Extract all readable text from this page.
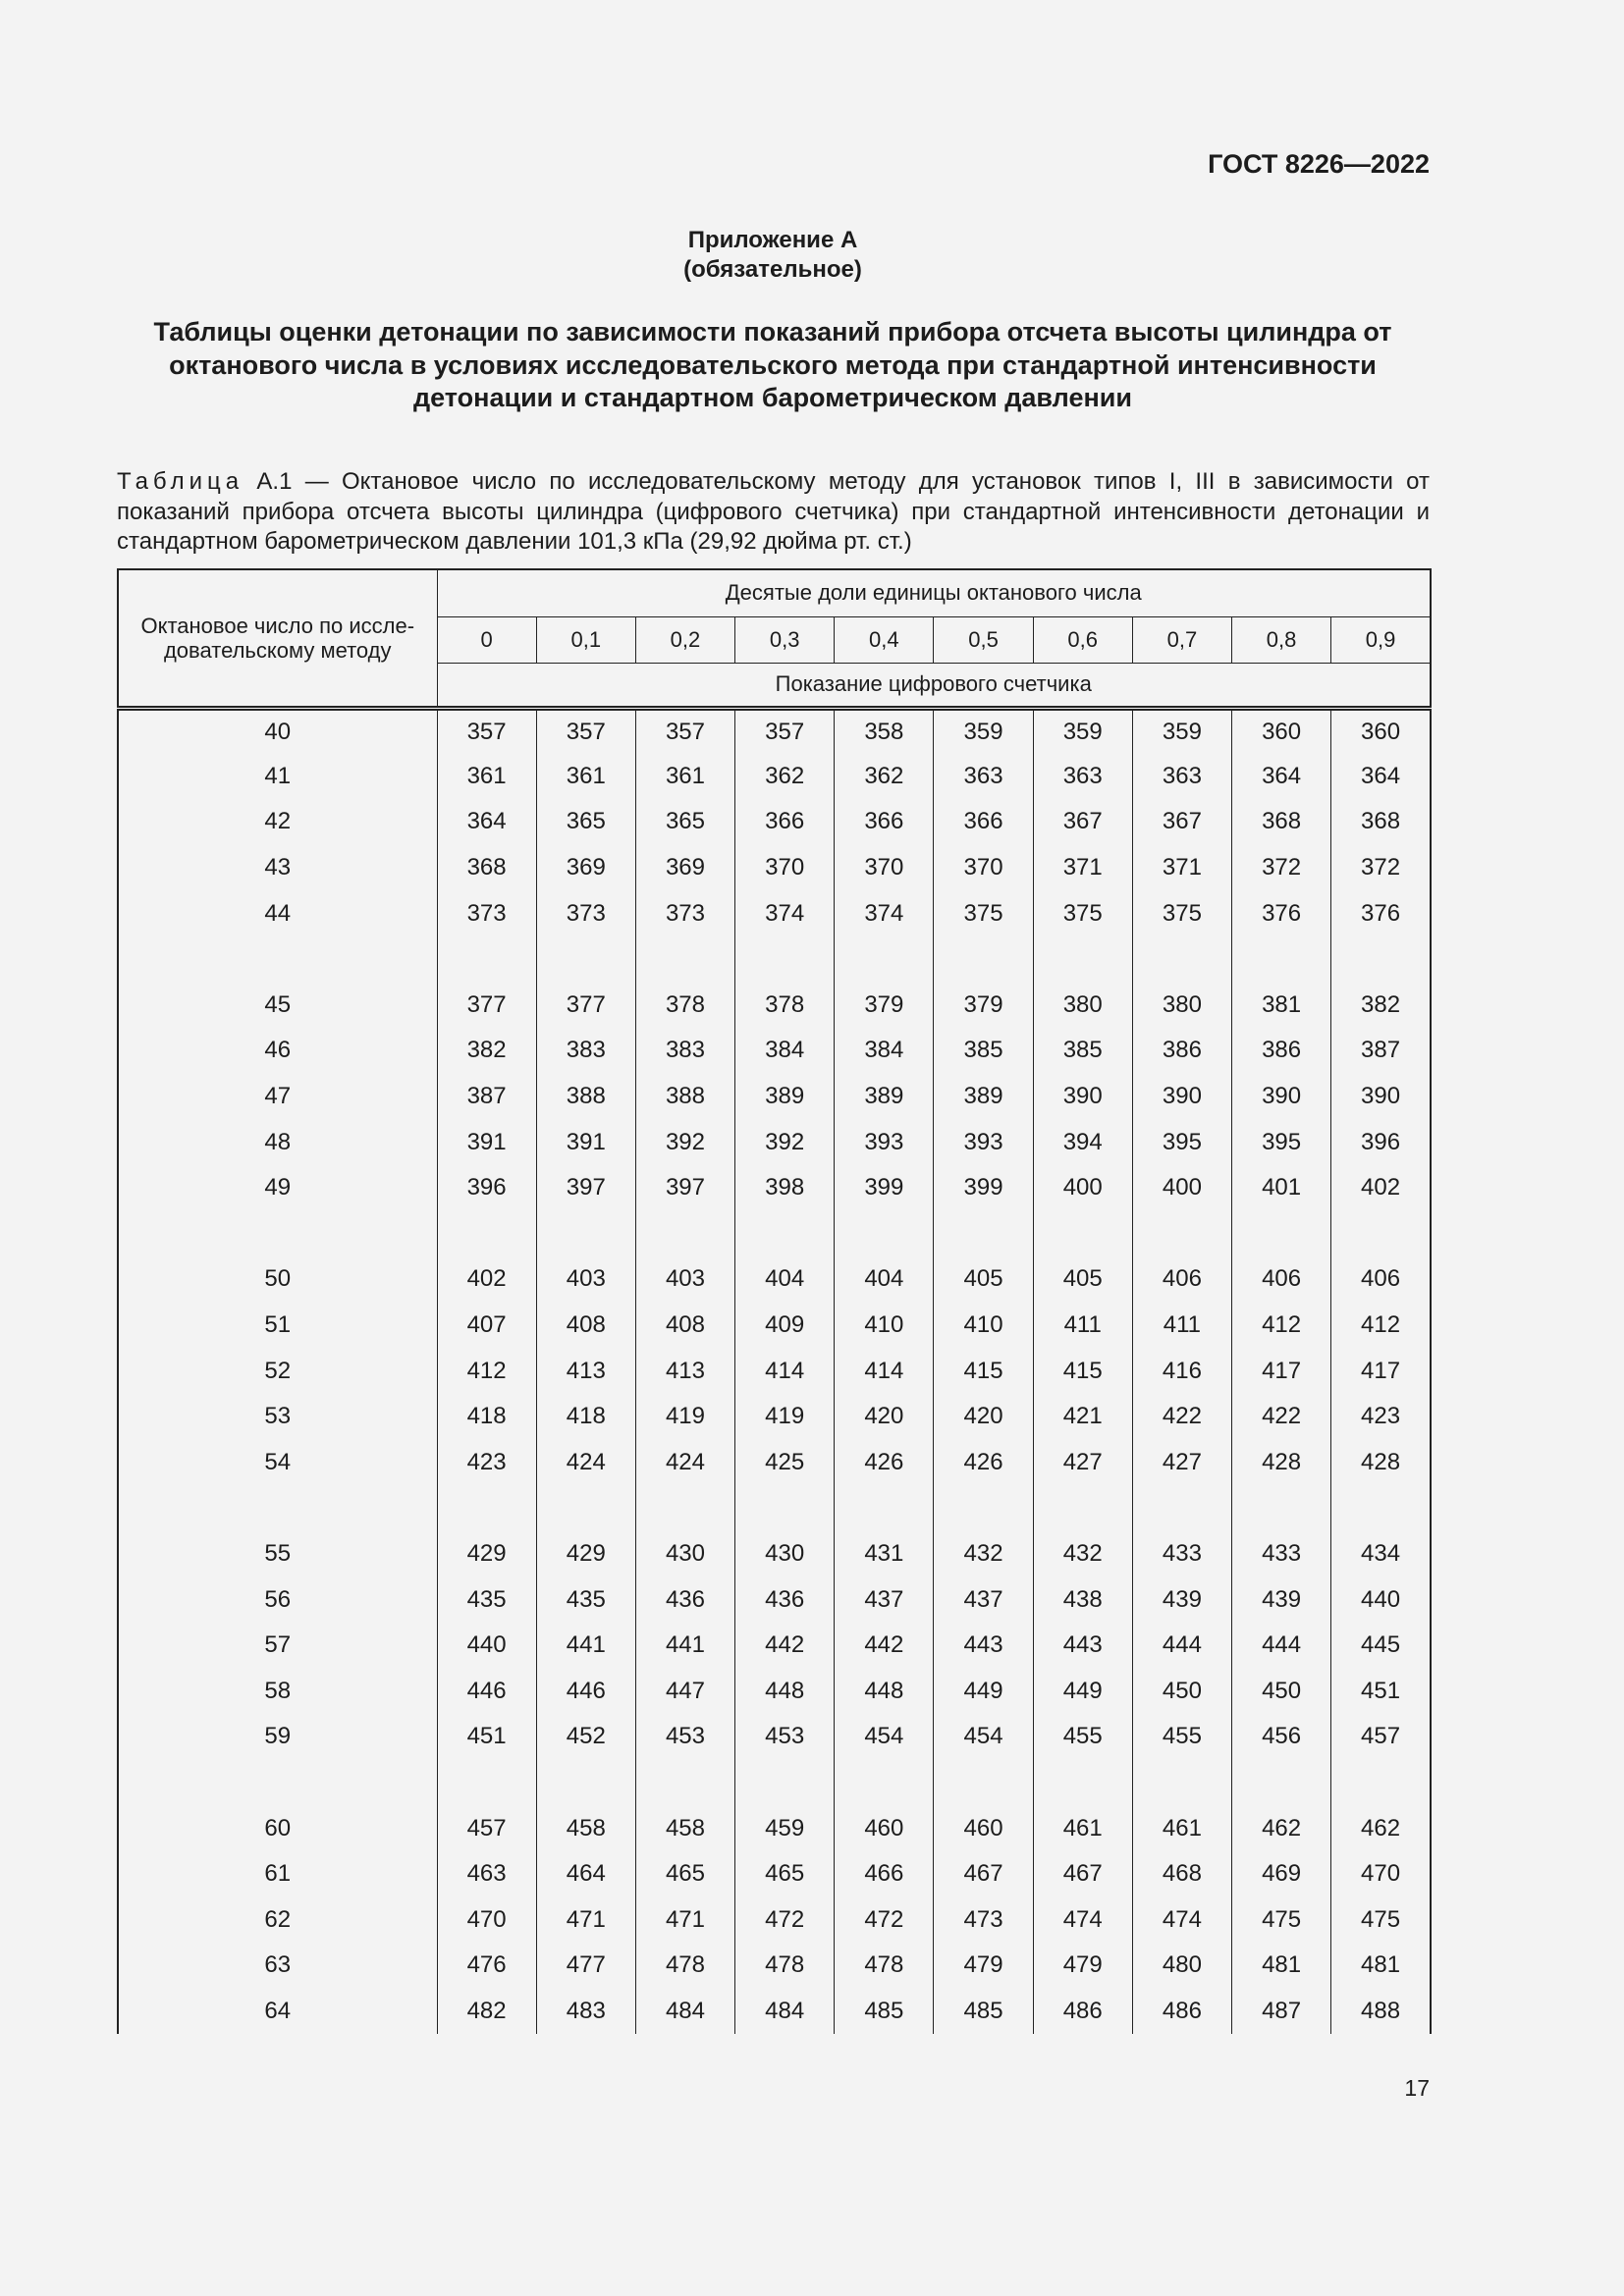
ГОСТ 8226—2022
Приложение А
(обязательное)
Таблицы оценки детонации по зависимости показаний прибора отсчета высоты цилиндра от
октанового числа в условиях исследовательского метода при стандартной интенсивности
детонации и стандартном барометрическом давлении
Таблица А.1 — Октановое число по исследовательскому методу для установок типов I, III в зависимости от
показаний прибора отсчета высоты цилиндра (цифрового счетчика) при стандартной интенсивности детонации и
стандартном барометрическом давлении 101,3 кПа (29,92 дюйма рт. ст.)
Октановое число по иссле-
довательскому методу	Десятые доли единицы октанового числа									
	0	0,1	0,2	0,3	0,4	0,5	0,6	0,7	0,8	0,9
	Показание цифрового счетчика									
40	357	357	357	357	358	359	359	359	360	360
41	361	361	361	362	362	363	363	363	364	364
42	364	365	365	366	366	366	367	367	368	368
43	368	369	369	370	370	370	371	371	372	372
44	373	373	373	374	374	375	375	375	376	376

45	377	377	378	378	379	379	380	380	381	382
46	382	383	383	384	384	385	385	386	386	387
47	387	388	388	389	389	389	390	390	390	390
48	391	391	392	392	393	393	394	395	395	396
49	396	397	397	398	399	399	400	400	401	402

50	402	403	403	404	404	405	405	406	406	406
51	407	408	408	409	410	410	411	411	412	412
52	412	413	413	414	414	415	415	416	417	417
53	418	418	419	419	420	420	421	422	422	423
54	423	424	424	425	426	426	427	427	428	428

55	429	429	430	430	431	432	432	433	433	434
56	435	435	436	436	437	437	438	439	439	440
57	440	441	441	442	442	443	443	444	444	445
58	446	446	447	448	448	449	449	450	450	451
59	451	452	453	453	454	454	455	455	456	457

60	457	458	458	459	460	460	461	461	462	462
61	463	464	465	465	466	467	467	468	469	470
62	470	471	471	472	472	473	474	474	475	475
63	476	477	478	478	478	479	479	480	481	481
64	482	483	484	484	485	485	486	486	487	488
17
